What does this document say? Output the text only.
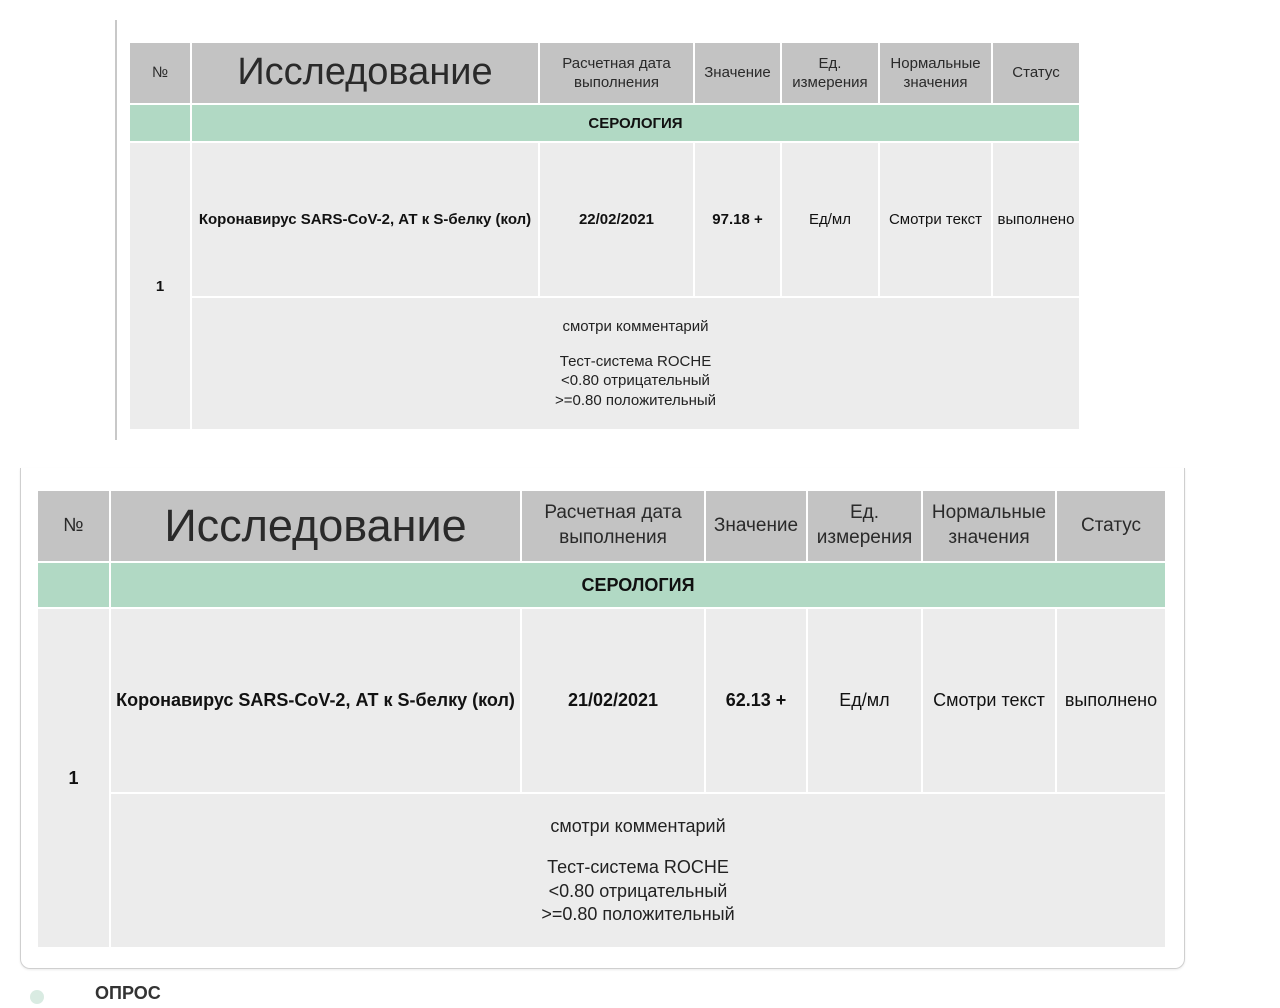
№	Исследование	Расчетная дата выполнения	Значение	Ед. измерения	Нормальные значения	Статус
	СЕРОЛОГИЯ					
1	Коронавирус SARS-CoV-2, АТ к S-белку (кол)	22/02/2021	97.18 +	Ед/мл	Смотри текст	выполнено

	смотри комментарий
Тест-система ROCHE
<0.80 отрицательный
>=0.80 положительный					
№	Исследование	Расчетная дата выполнения	Значение	Ед. измерения	Нормальные значения	Статус
	СЕРОЛОГИЯ					
1	Коронавирус SARS-CoV-2, АТ к S-белку (кол)	21/02/2021	62.13 +	Ед/мл	Смотри текст	выполнено

	смотри комментарий
Тест-система ROCHE
<0.80 отрицательный
>=0.80 положительный					
ОПРОС
